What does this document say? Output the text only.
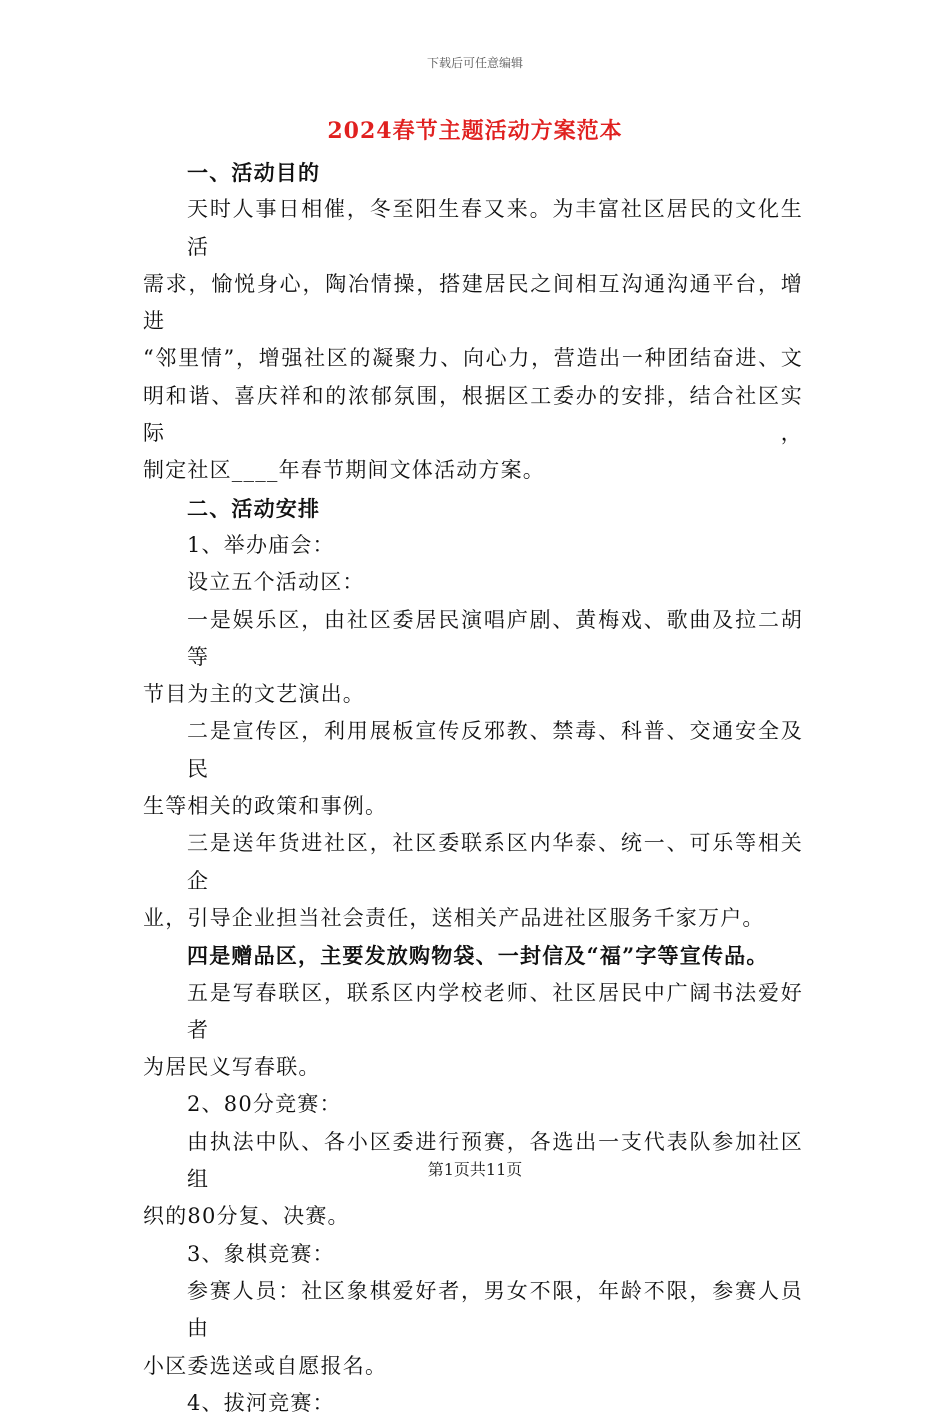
下载后可任意编辑
2024春节主题活动方案范本
一、活动目的
天时人事日相催，冬至阳生春又来。为丰富社区居民的文化生活
需求，愉悦身心，陶冶情操，搭建居民之间相互沟通沟通平台，增进
“邻里情”，增强社区的凝聚力、向心力，营造出一种团结奋进、文
明和谐、喜庆祥和的浓郁氛围，根据区工委办的安排，结合社区实际，
制定社区____年春节期间文体活动方案。
二、活动安排
1、举办庙会：
设立五个活动区：
一是娱乐区，由社区委居民演唱庐剧、黄梅戏、歌曲及拉二胡等
节目为主的文艺演出。
二是宣传区，利用展板宣传反邪教、禁毒、科普、交通安全及民
生等相关的政策和事例。
三是送年货进社区，社区委联系区内华泰、统一、可乐等相关企
业，引导企业担当社会责任，送相关产品进社区服务千家万户。
四是赠品区，主要发放购物袋、一封信及“福”字等宣传品。
五是写春联区，联系区内学校老师、社区居民中广阔书法爱好者
为居民义写春联。
2、80分竞赛：
由执法中队、各小区委进行预赛，各选出一支代表队参加社区组
织的80分复、决赛。
3、象棋竞赛：
参赛人员：社区象棋爱好者，男女不限，年龄不限，参赛人员由
小区委选送或自愿报名。
4、拔河竞赛：
第1页共11页
